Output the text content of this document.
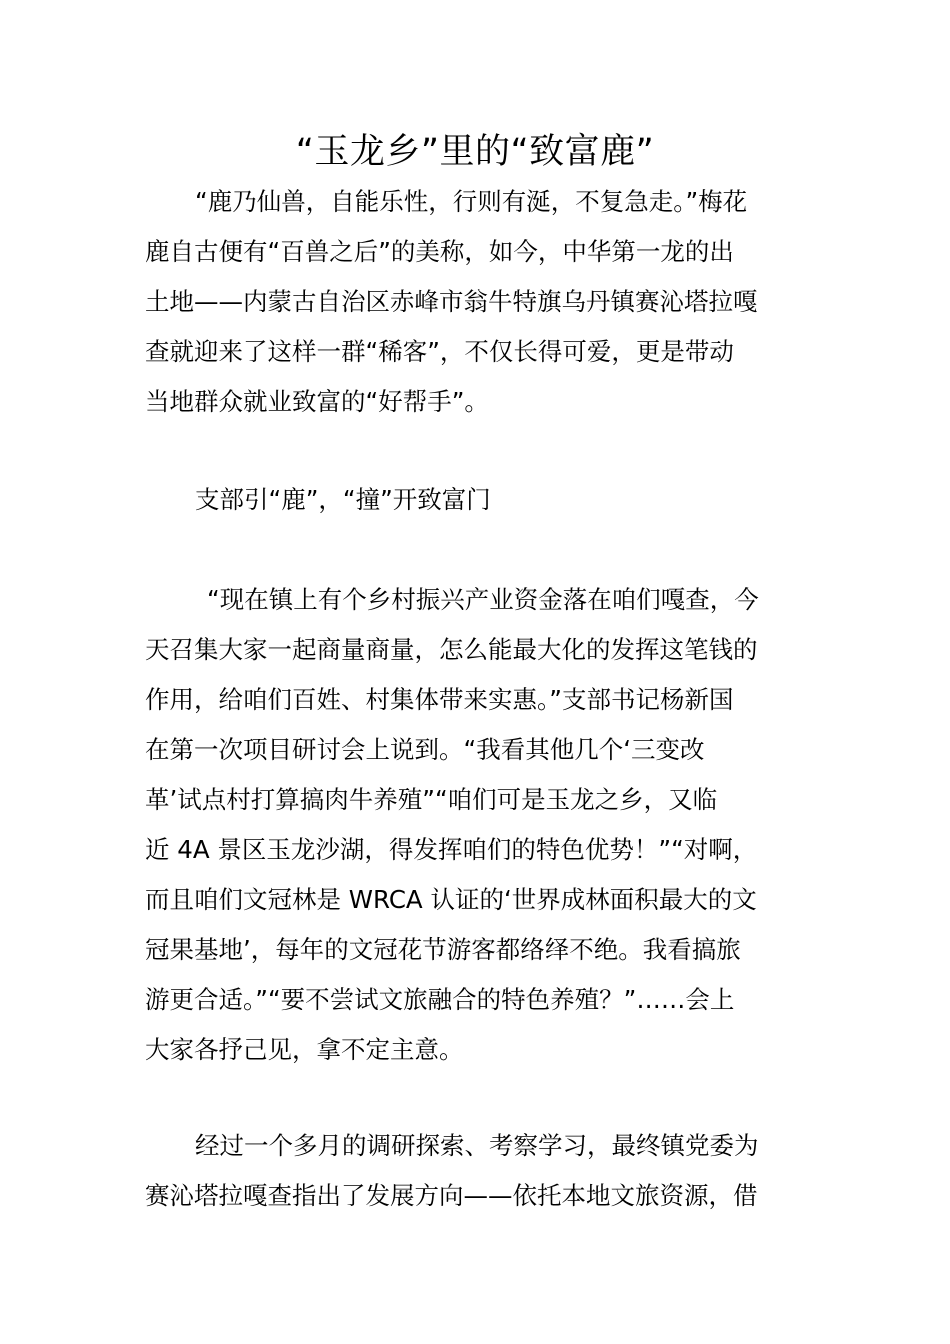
“玉龙乡”里的“致富鹿”
“鹿乃仙兽，自能乐性，行则有涎，不复急走。”梅花
鹿自古便有“百兽之后”的美称，如今，中华第一龙的出
土地——内蒙古自治区赤峰市翁牛特旗乌丹镇赛沁塔拉嘎
查就迎来了这样一群“稀客”，不仅长得可爱，更是带动
当地群众就业致富的“好帮手”。
支部引“鹿”，“撞”开致富门
“现在镇上有个乡村振兴产业资金落在咱们嘎查，今
天召集大家一起商量商量，怎么能最大化的发挥这笔钱的
作用，给咱们百姓、村集体带来实惠。”支部书记杨新国
在第一次项目研讨会上说到。“我看其他几个‘三变改
革’试点村打算搞肉牛养殖”“咱们可是玉龙之乡，又临
近 4A 景区玉龙沙湖，得发挥咱们的特色优势！”“对啊，
而且咱们文冠林是 WRCA 认证的‘世界成林面积最大的文
冠果基地’，每年的文冠花节游客都络绎不绝。我看搞旅
游更合适。”“要不尝试文旅融合的特色养殖？”……会上
大家各抒己见，拿不定主意。
经过一个多月的调研探索、考察学习，最终镇党委为
赛沁塔拉嘎查指出了发展方向——依托本地文旅资源，借
